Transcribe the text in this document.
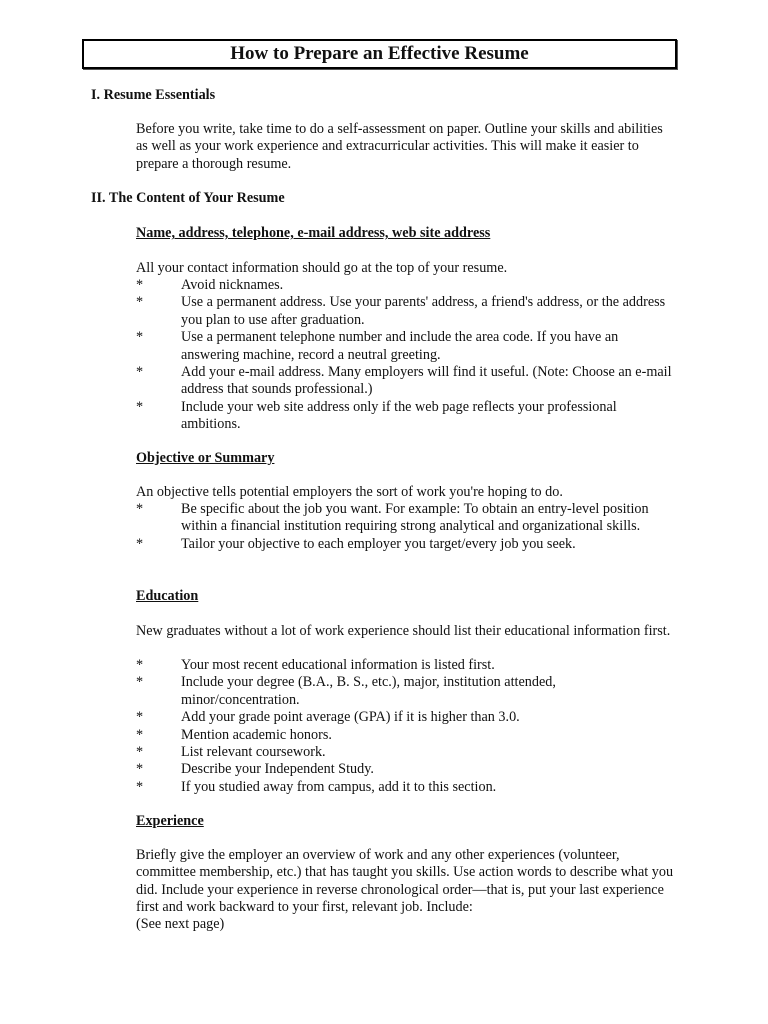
How to Prepare an Effective Resume
I. Resume Essentials
Before you write, take time to do a self-assessment on paper. Outline your skills and abilities as well as your work experience and extracurricular activities. This will make it easier to prepare a thorough resume.
II. The Content of Your Resume
Name, address, telephone, e-mail address, web site address
All your contact information should go at the top of your resume.
*	Avoid nicknames.
*	Use a permanent address. Use your parents' address, a friend's address, or the address you plan to use after graduation.
*	Use a permanent telephone number and include the area code. If you have an answering machine, record a neutral greeting.
*	Add your e-mail address. Many employers will find it useful. (Note: Choose an e-mail address that sounds professional.)
*	Include your web site address only if the web page reflects your professional ambitions.
Objective or Summary
An objective tells potential employers the sort of work you're hoping to do.
*	Be specific about the job you want. For example: To obtain an entry-level position within a financial institution requiring strong analytical and organizational skills.
*	Tailor your objective to each employer you target/every job you seek.
Education
New graduates without a lot of work experience should list their educational information first.
*	Your most recent educational information is listed first.
*	Include your degree (B.A., B. S., etc.), major, institution attended, minor/concentration.
*	Add your grade point average (GPA) if it is higher than 3.0.
*	Mention academic honors.
*	List relevant coursework.
*	Describe your Independent Study.
*	If you studied away from campus, add it to this section.
Experience
Briefly give the employer an overview of work and any other experiences (volunteer, committee membership, etc.) that has taught you skills. Use action words to describe what you did. Include your experience in reverse chronological order—that is, put your last experience first and work backward to your first, relevant job. Include:
(See next page)
